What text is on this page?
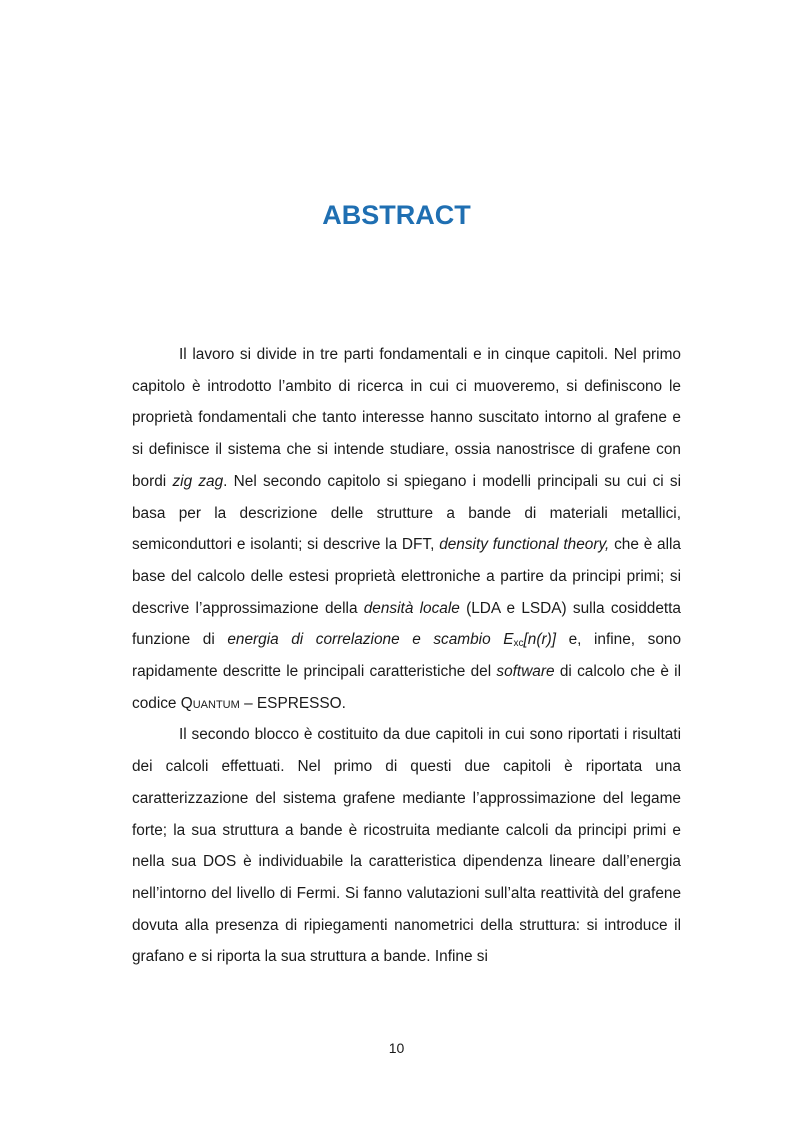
ABSTRACT

Il lavoro si divide in tre parti fondamentali e in cinque capitoli. Nel primo capitolo è introdotto l’ambito di ricerca in cui ci muoveremo, si definiscono le proprietà fondamentali che tanto interesse hanno suscitato intorno al grafene e si definisce il sistema che si intende studiare, ossia nanostrisce di grafene con bordi zig zag. Nel secondo capitolo si spiegano i modelli principali su cui ci si basa per la descrizione delle strutture a bande di materiali metallici, semiconduttori e isolanti; si descrive la DFT, density functional theory, che è alla base del calcolo delle estesi proprietà elettroniche a partire da principi primi; si descrive l’approssimazione della densità locale (LDA e LSDA) sulla cosiddetta funzione di energia di correlazione e scambio $E_{xc}[n(r)]$ e, infine, sono rapidamente descritte le principali caratteristiche del software di calcolo che è il codice Quantum – ESPRESSO.

Il secondo blocco è costituito da due capitoli in cui sono riportati i risultati dei calcoli effettuati. Nel primo di questi due capitoli è riportata una caratterizzazione del sistema grafene mediante l’approssimazione del legame forte; la sua struttura a bande è ricostruita mediante calcoli da principi primi e nella sua DOS è individuabile la caratteristica dipendenza lineare dall’energia nell’intorno del livello di Fermi. Si fanno valutazioni sull’alta reattività del grafene dovuta alla presenza di ripiegamenti nanometrici della struttura: si introduce il grafano e si riporta la sua struttura a bande. Infine si

10
